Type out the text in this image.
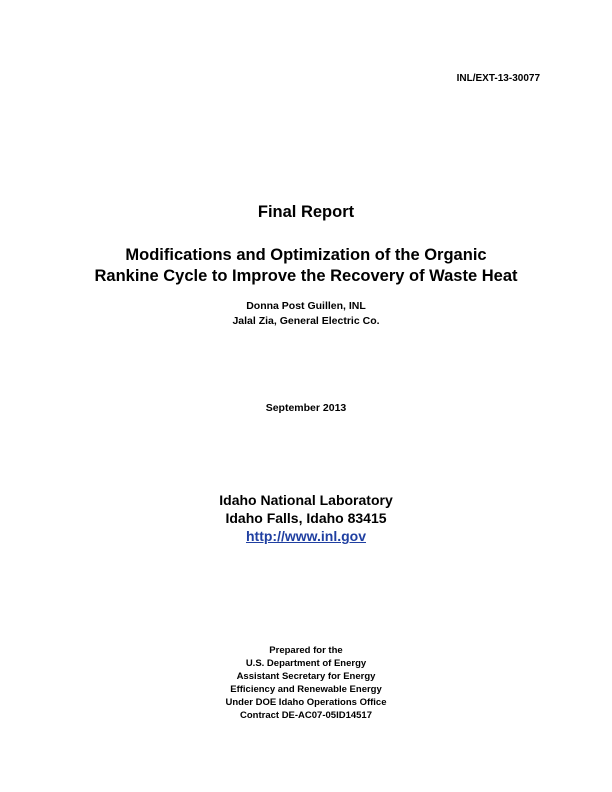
INL/EXT-13-30077
Final Report
Modifications and Optimization of the Organic
Rankine Cycle to Improve the Recovery of Waste Heat
Donna Post Guillen, INL
Jalal Zia, General Electric Co.
September 2013
Idaho National Laboratory
Idaho Falls, Idaho 83415
http://www.inl.gov
Prepared for the
U.S. Department of Energy
Assistant Secretary for Energy
Efficiency and Renewable Energy
Under DOE Idaho Operations Office
Contract DE-AC07-05ID14517
